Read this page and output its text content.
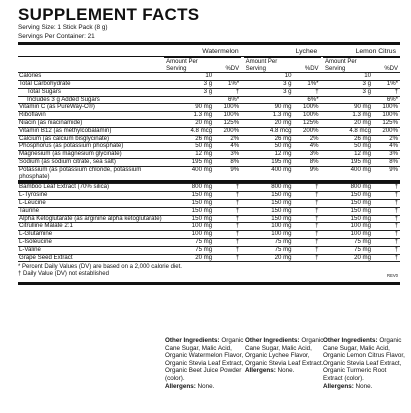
SUPPLEMENT FACTS
Serving Size: 1 Stick Pack (8 g)
Servings Per Container: 21
Watermelon	Lychee	Lemon Citrus
Amount Per Serving	%DV
Amount Per Serving	%DV
Amount Per Serving	%DV
Calories	10	10	10
Total Carbohydrate	3 g	1%*	3 g	1%*	3 g	1%*
Total Sugars	3 g	†	3 g	†	3 g	†
Includes 3 g Added Sugars	6%*	6%*	6%*
Vitamin C (as PureWay-C®)	90 mg	100%	90 mg	100%	90 mg	100%
Riboflavin	1.3 mg	100%	1.3 mg	100%	1.3 mg	100%
Niacin (as niacinamide)	20 mg	125%	20 mg	125%	20 mg	125%
Vitamin B12 (as methylcobalamin)	4.8 mcg	200%	4.8 mcg	200%	4.8 mcg	200%
Calcium (as calcium bisglycinate)	26 mg	2%	26 mg	2%	26 mg	2%
Phosphorus (as potassium phosphate)	50 mg	4%	50 mg	4%	50 mg	4%
Magnesium (as magnesium glycinate)	12 mg	3%	12 mg	3%	12 mg	3%
Sodium (as sodium citrate, sea salt)	195 mg	8%	195 mg	8%	195 mg	8%
Potassium (as potassium chloride, potassium phosphate)
400 mg	9%	400 mg	9%	400 mg	9%
Bamboo Leaf Extract (70% silica)	800 mg	†	800 mg	†	800 mg	†
L-Tyrosine	150 mg	†	150 mg	†	150 mg	†
L-Leucine	150 mg	†	150 mg	†	150 mg	†
Taurine	150 mg	†	150 mg	†	150 mg	†
Alpha Ketoglutarate (as arginine alpha ketoglutarate)	150 mg	†	150 mg	†	150 mg	†
Citrulline Malate 2:1	100 mg	†	100 mg	†	100 mg	†
L-Glutamine	100 mg	†	100 mg	†	100 mg	†
L-Isoleucine	75 mg	†	75 mg	†	75 mg	†
L-Valine	75 mg	†	75 mg	†	75 mg	†
Grape Seed Extract	20 mg	†	20 mg	†	20 mg	†
* Percent Daily Values (DV) are based on a 2,000 calorie diet.
† Daily Value (DV) not established	REV0
Other Ingredients: Organic Cane Sugar, Malic Acid, Organic Watermelon Flavor, Organic Stevia Leaf Extract, Organic Beet Juice Powder (color).
Allergens: None.
Other Ingredients: Organic Cane Sugar, Malic Acid, Organic Lychee Flavor, Organic Stevia Leaf Extract.
Allergens: None.
Other Ingredients: Organic Cane Sugar, Malic Acid, Organic Lemon Citrus Flavor, Organic Stevia Leaf Extract, Organic Turmeric Root Extract (color).
Allergens: None.
